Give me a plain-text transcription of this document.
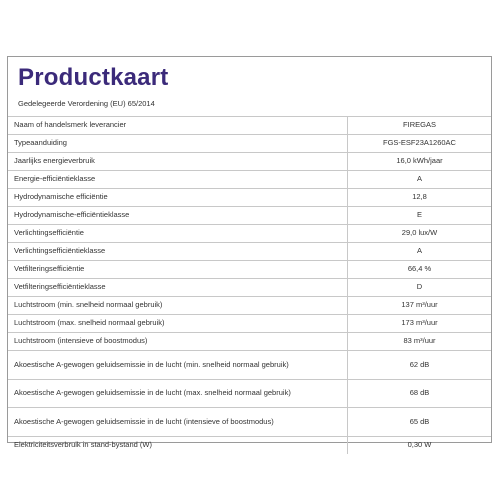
Productkaart
Gedelegeerde Verordening (EU) 65/2014
Naam of handelsmerk leverancier	FIREGAS
Typeaanduiding	FGS-ESF23A1260AC
Jaarlijks energieverbruik	16,0 kWh/jaar
Energie-efficiëntieklasse	A
Hydrodynamische efficiëntie	12,8
Hydrodynamische-efficiëntieklasse	E
Verlichtingsefficiëntie	29,0 lux/W
Verlichtingsefficiëntieklasse	A
Vetfilteringsefficiëntie	66,4 %
Vetfilteringsefficiëntieklasse	D
Luchtstroom (min. snelheid normaal gebruik)	137 m³/uur
Luchtstroom (max. snelheid normaal gebruik)	173 m³/uur
Luchtstroom (intensieve of boostmodus)	83 m³/uur
Akoestische A-gewogen geluidsemissie in de lucht (min. snelheid normaal gebruik)	62 dB
Akoestische A-gewogen geluidsemissie in de lucht (max. snelheid normaal gebruik)	68 dB
Akoestische A-gewogen geluidsemissie in de lucht (intensieve of boostmodus)	65 dB
Elektriciteitsverbruik in stand-bystand (W)	0,30 W
